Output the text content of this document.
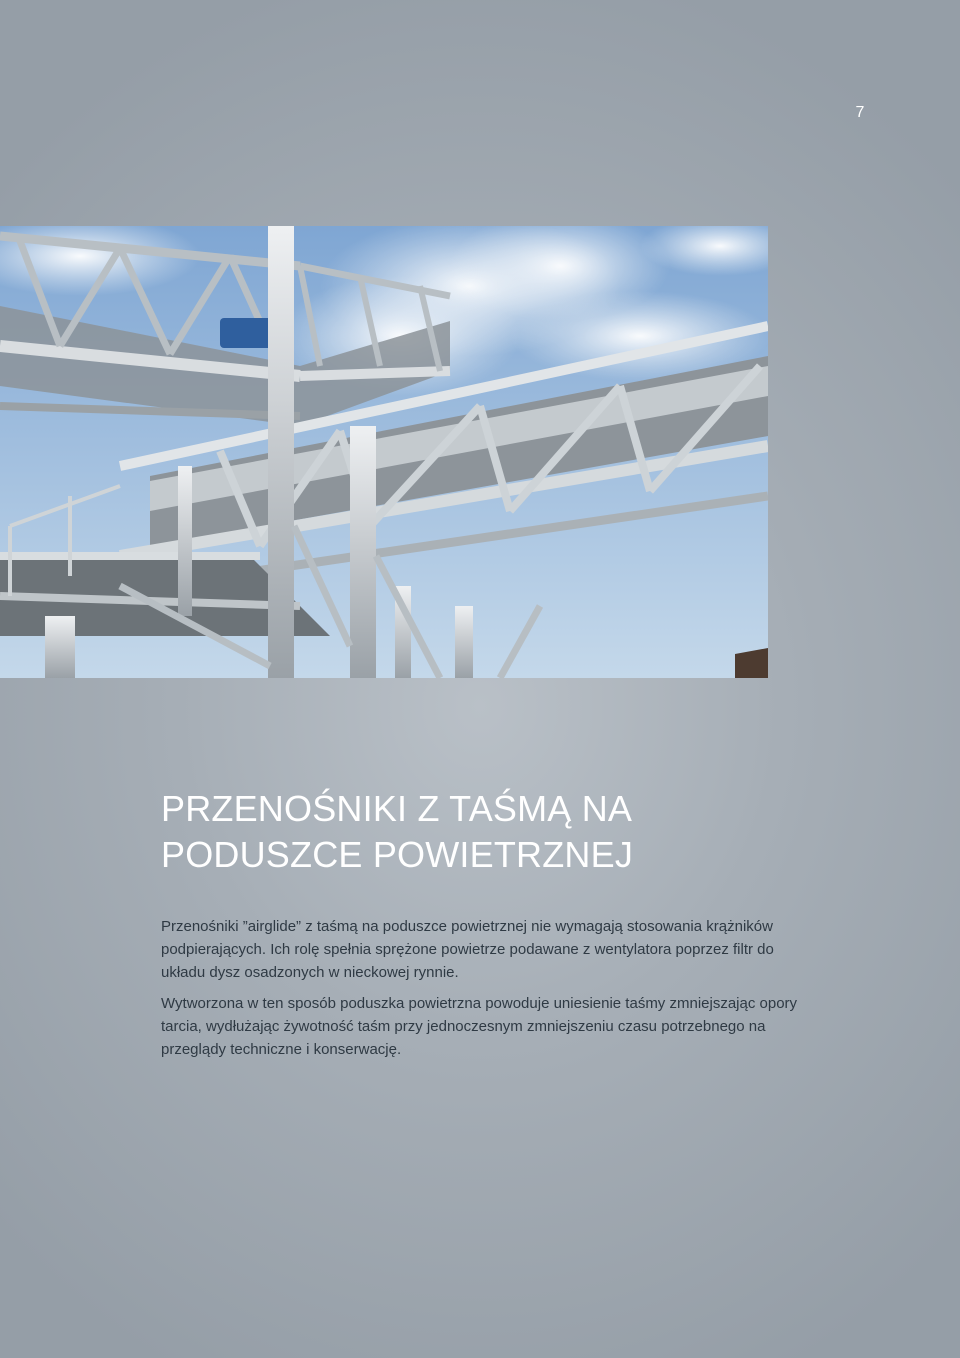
7
PRZENOŚNIKI Z TAŚMĄ NA
PODUSZCE POWIETRZNEJ

Przenośniki ”airglide” z taśmą na poduszce powietrznej nie wymagają stosowania krążników podpierających. Ich rolę spełnia sprężone powietrze podawane z wentylatora poprzez filtr do układu dysz osadzonych w nieckowej rynnie.

Wytworzona w ten sposób poduszka powietrzna powoduje uniesienie taśmy zmniejszając opory tarcia, wydłużając żywotność taśm przy jednoczesnym zmniejszeniu czasu potrzebnego na przeglądy techniczne i konserwację.
